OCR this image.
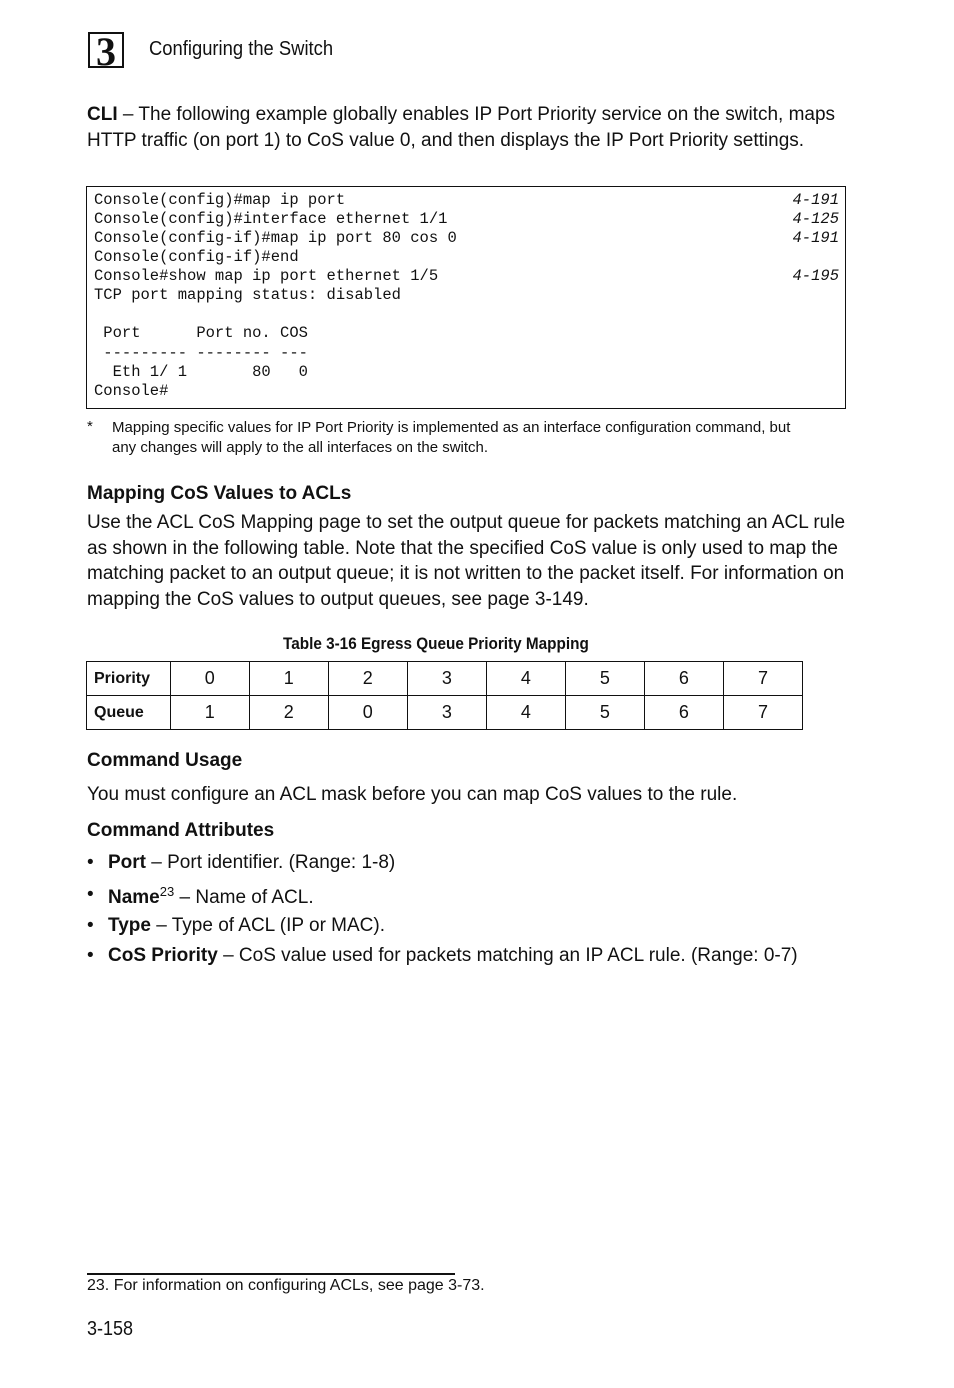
3	Configuring the Switch
CLI – The following example globally enables IP Port Priority service on the switch, maps HTTP traffic (on port 1) to CoS value 0, and then displays the IP Port Priority settings.
Console(config)#map ip port	4-191
Console(config)#interface ethernet 1/1	4-125
Console(config-if)#map ip port 80 cos 0	4-191
Console(config-if)#end
Console#show map ip port ethernet 1/5	4-195
TCP port mapping status: disabled
Port      Port no. COS
--------- -------- ---
Eth 1/ 1       80   0
Console#
* Mapping specific values for IP Port Priority is implemented as an interface configuration command, but any changes will apply to the all interfaces on the switch.
Mapping CoS Values to ACLs
Use the ACL CoS Mapping page to set the output queue for packets matching an ACL rule as shown in the following table. Note that the specified CoS value is only used to map the matching packet to an output queue; it is not written to the packet itself. For information on mapping the CoS values to output queues, see page 3-149.
Table 3-16 Egress Queue Priority Mapping
Priority	0	1	2	3	4	5	6	7
Queue	1	2	0	3	4	5	6	7
Command Usage
You must configure an ACL mask before you can map CoS values to the rule.
Command Attributes
• Port – Port identifier. (Range: 1-8)
• Name$^{23}$ – Name of ACL.
• Type – Type of ACL (IP or MAC).
• CoS Priority – CoS value used for packets matching an IP ACL rule. (Range: 0-7)
23. For information on configuring ACLs, see page 3-73.
3-158
